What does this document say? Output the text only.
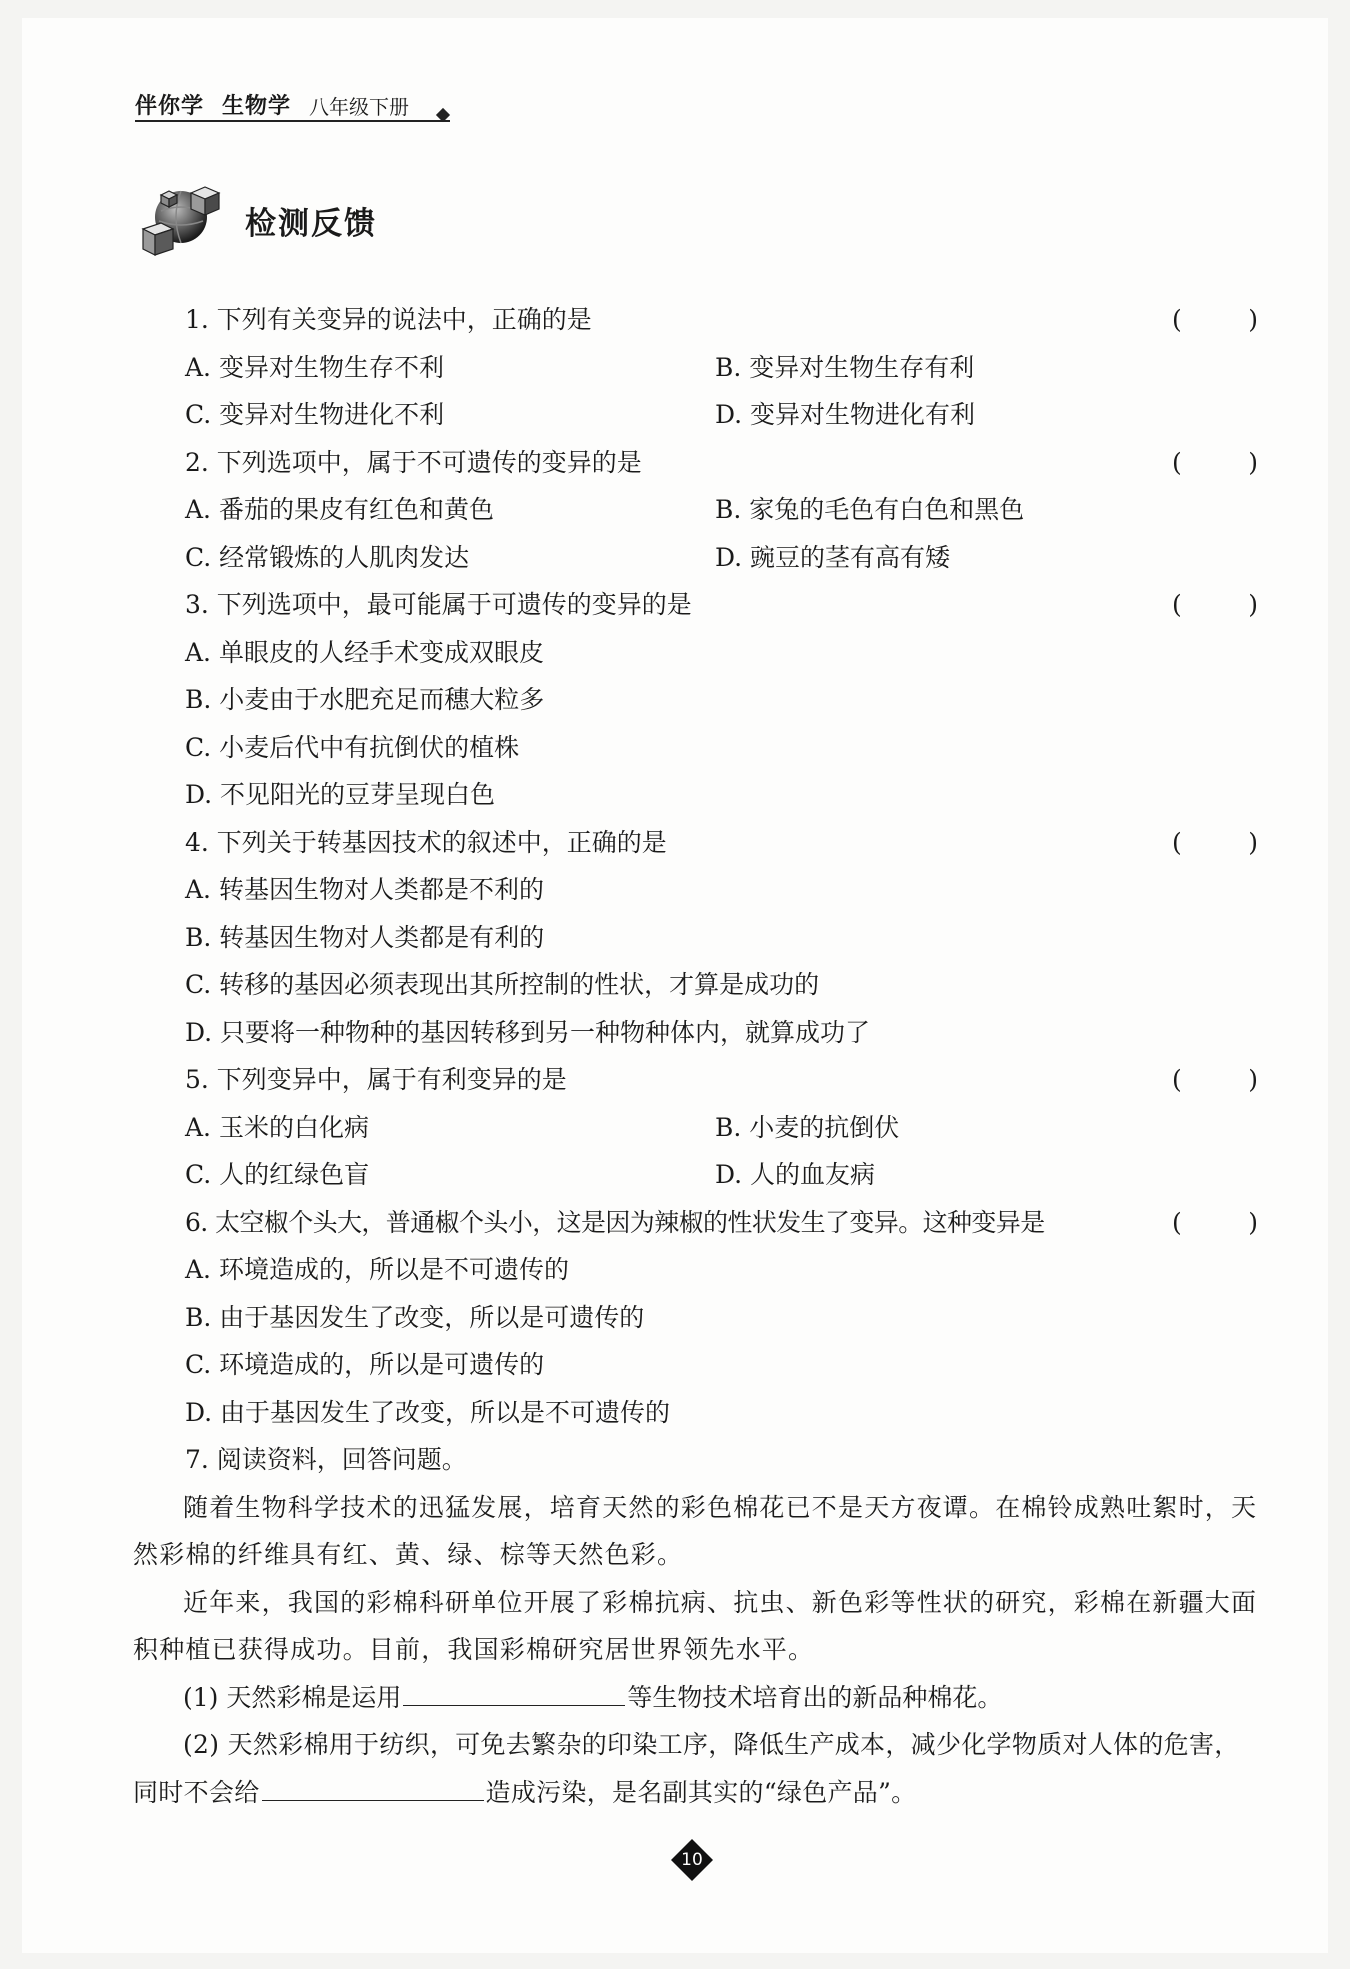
伴你学 生物学 八年级下册
检测反馈
1. 下列有关变异的说法中，正确的是	(	)
A. 变异对生物生存不利	B. 变异对生物生存有利
C. 变异对生物进化不利	D. 变异对生物进化有利
2. 下列选项中，属于不可遗传的变异的是	(	)
A. 番茄的果皮有红色和黄色	B. 家兔的毛色有白色和黑色
C. 经常锻炼的人肌肉发达	D. 豌豆的茎有高有矮
3. 下列选项中，最可能属于可遗传的变异的是	(	)
A. 单眼皮的人经手术变成双眼皮
B. 小麦由于水肥充足而穗大粒多
C. 小麦后代中有抗倒伏的植株
D. 不见阳光的豆芽呈现白色
4. 下列关于转基因技术的叙述中，正确的是	(	)
A. 转基因生物对人类都是不利的
B. 转基因生物对人类都是有利的
C. 转移的基因必须表现出其所控制的性状，才算是成功的
D. 只要将一种物种的基因转移到另一种物种体内，就算成功了
5. 下列变异中，属于有利变异的是	(	)
A. 玉米的白化病	B. 小麦的抗倒伏
C. 人的红绿色盲	D. 人的血友病
6. 太空椒个头大，普通椒个头小，这是因为辣椒的性状发生了变异。这种变异是	(	)
A. 环境造成的，所以是不可遗传的
B. 由于基因发生了改变，所以是可遗传的
C. 环境造成的，所以是可遗传的
D. 由于基因发生了改变，所以是不可遗传的
7. 阅读资料，回答问题。
随着生物科学技术的迅猛发展，培育天然的彩色棉花已不是天方夜谭。在棉铃成熟吐絮时，天然彩棉的纤维具有红、黄、绿、棕等天然色彩。
近年来，我国的彩棉科研单位开展了彩棉抗病、抗虫、新色彩等性状的研究，彩棉在新疆大面积种植已获得成功。目前，我国彩棉研究居世界领先水平。
(1) 天然彩棉是运用	等生物技术培育出的新品种棉花。
(2) 天然彩棉用于纺织，可免去繁杂的印染工序，降低生产成本，减少化学物质对人体的危害，同时不会给	造成污染，是名副其实的“绿色产品”。
10
